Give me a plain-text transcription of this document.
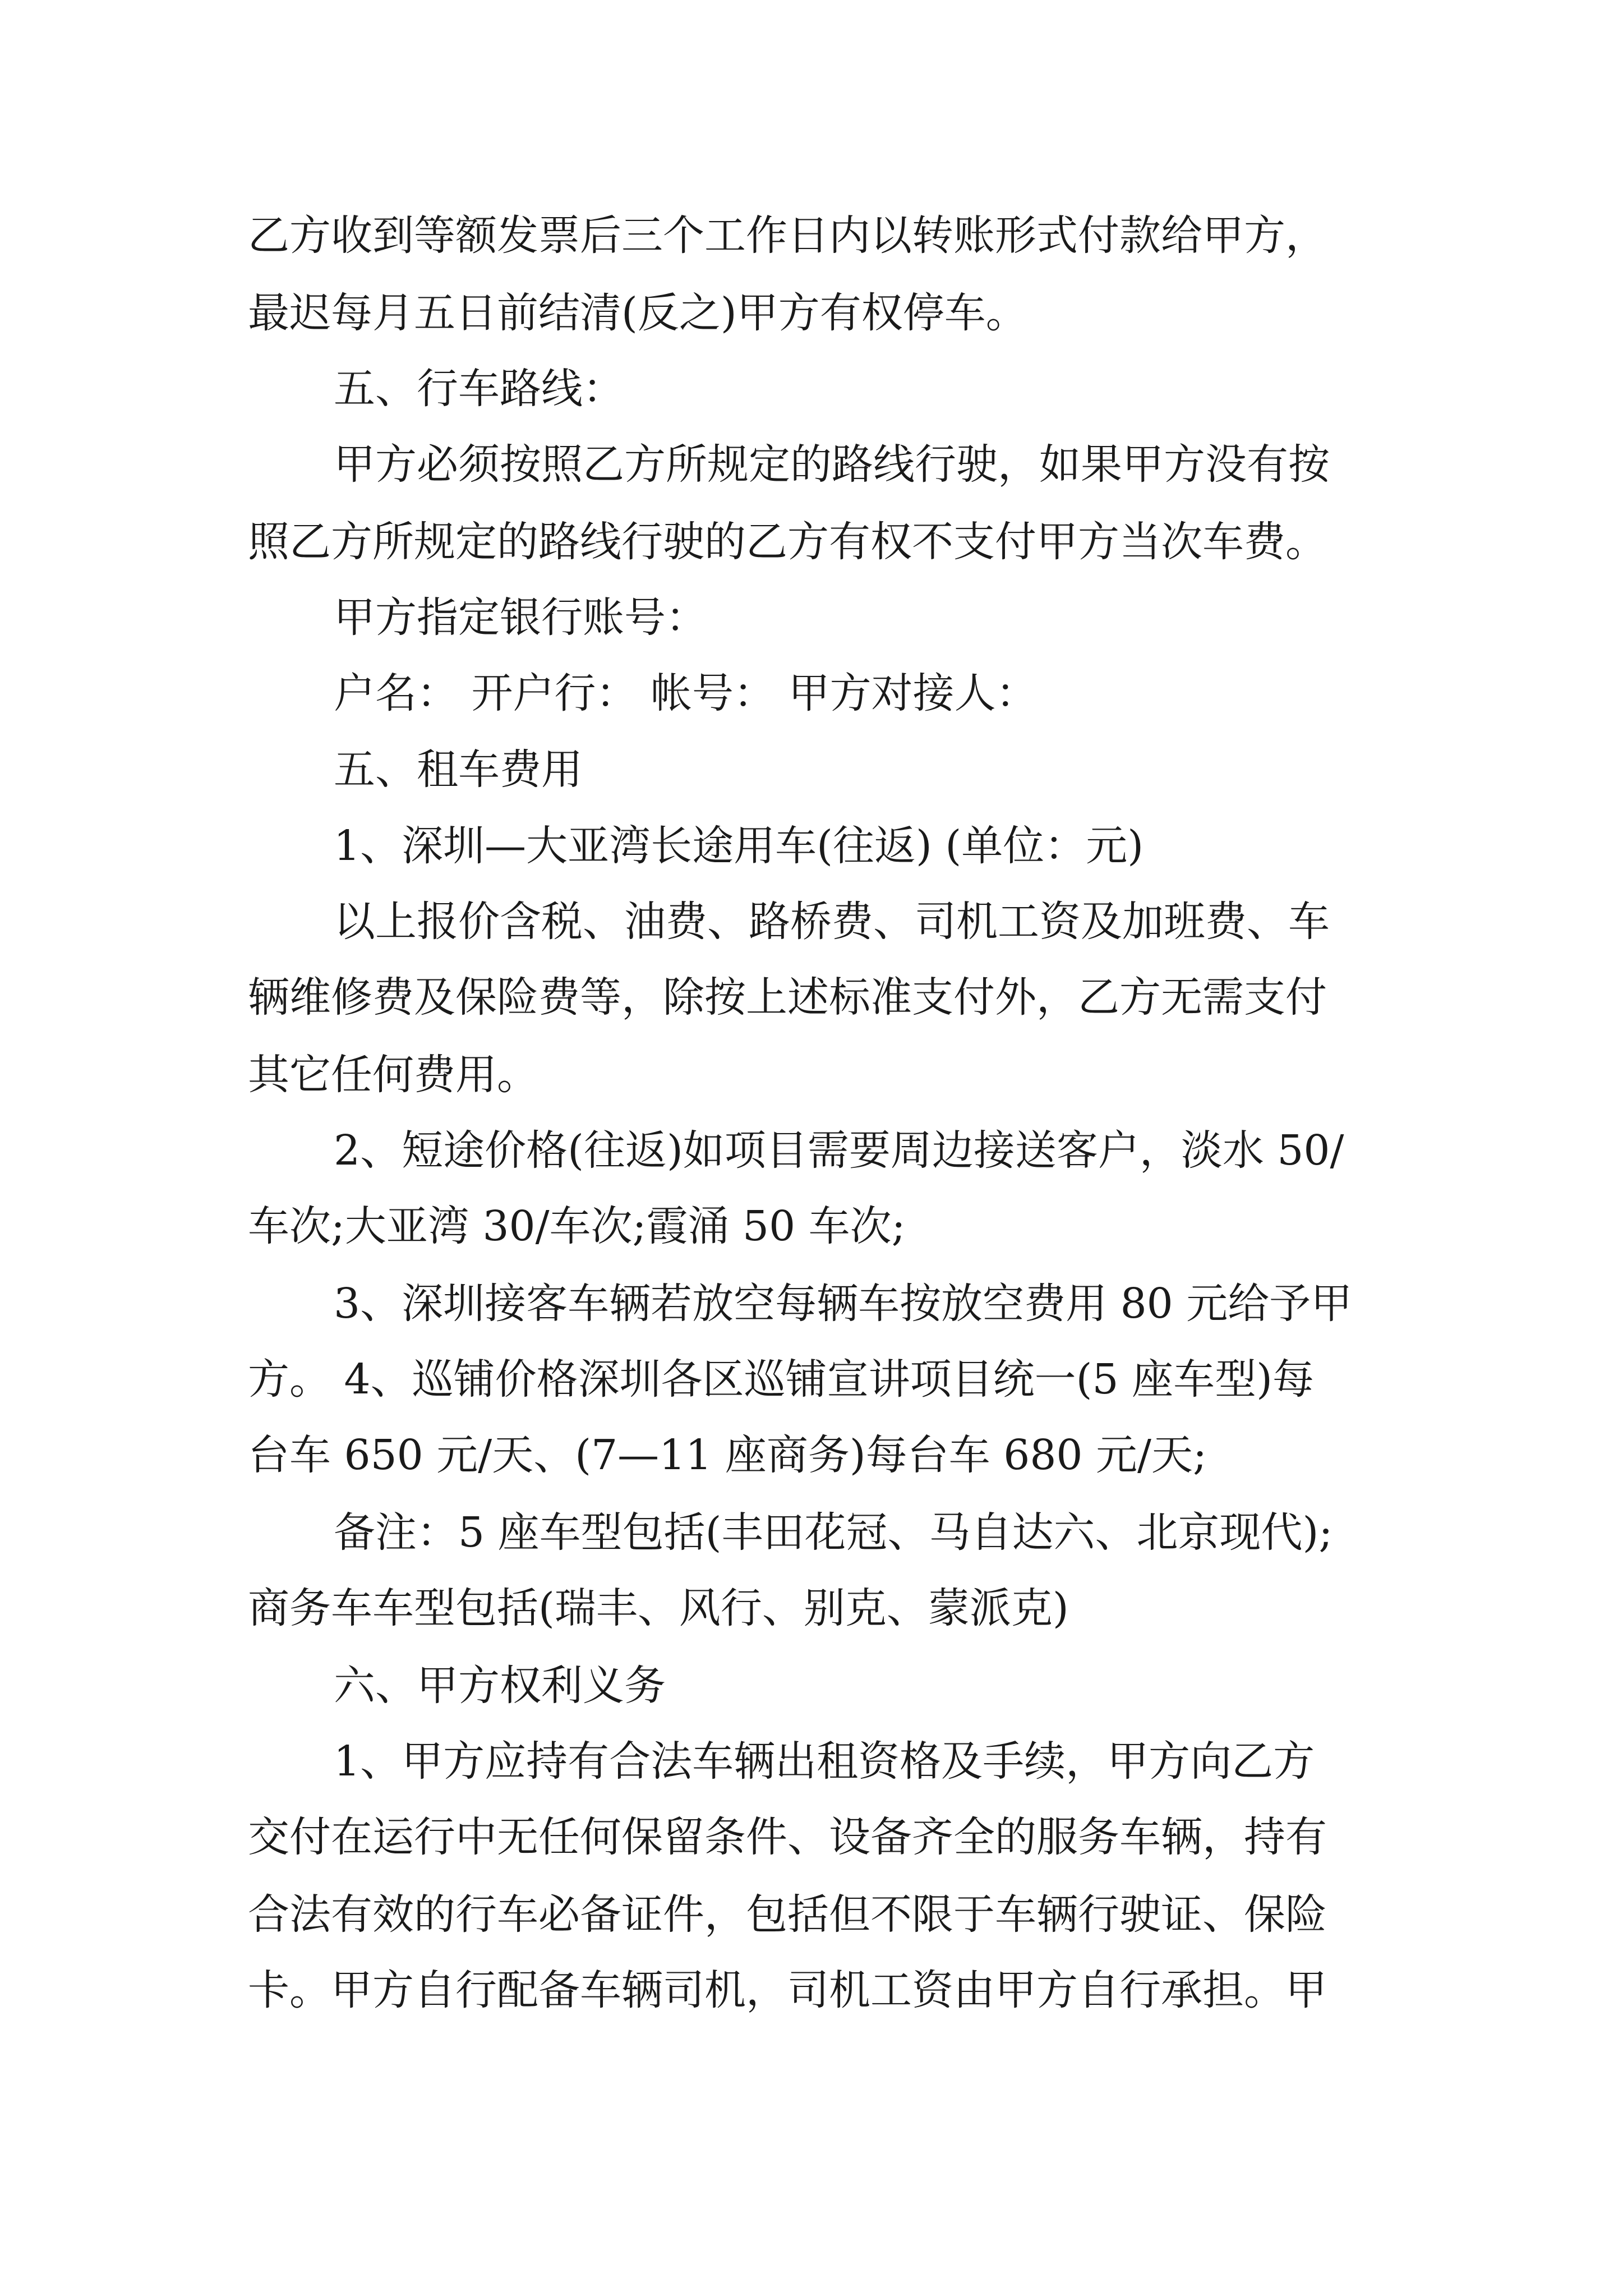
乙方收到等额发票后三个工作日内以转账形式付款给甲方，

最迟每月五日前结清(反之)甲方有权停车。

五、行车路线：

甲方必须按照乙方所规定的路线行驶，如果甲方没有按

照乙方所规定的路线行驶的乙方有权不支付甲方当次车费。

甲方指定银行账号：

户名： 开户行： 帐号： 甲方对接人：

五、租车费用

1、深圳—大亚湾长途用车(往返) (单位：元)

以上报价含税、油费、路桥费、司机工资及加班费、车

辆维修费及保险费等，除按上述标准支付外，乙方无需支付

其它任何费用。

2、短途价格(往返)如项目需要周边接送客户，淡水 50/

车次;大亚湾 30/车次;霞涌 50 车次;

3、深圳接客车辆若放空每辆车按放空费用 80 元给予甲

方。 4、巡铺价格深圳各区巡铺宣讲项目统一(5 座车型)每

台车 650 元/天、(7—11 座商务)每台车 680 元/天;

备注：5 座车型包括(丰田花冠、马自达六、北京现代);

商务车车型包括(瑞丰、风行、别克、蒙派克)

六、甲方权利义务

1、甲方应持有合法车辆出租资格及手续，甲方向乙方

交付在运行中无任何保留条件、设备齐全的服务车辆，持有

合法有效的行车必备证件，包括但不限于车辆行驶证、保险

卡。甲方自行配备车辆司机，司机工资由甲方自行承担。甲
